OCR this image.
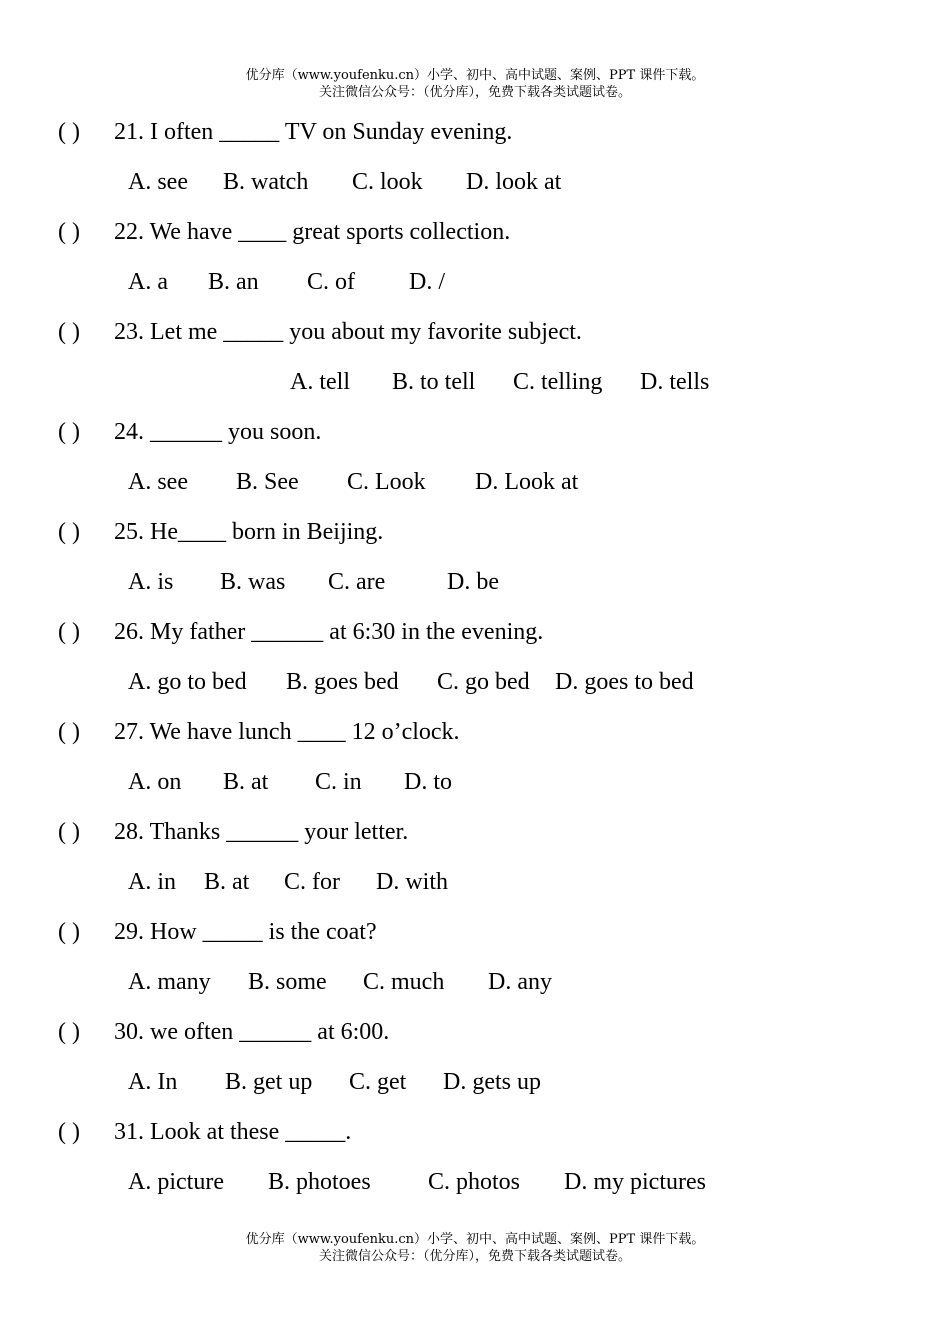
优分库（www.youfenku.cn）小学、初中、高中试题、案例、PPT 课件下载。
关注微信公众号：（优分库），免费下载各类试题试卷。
( ) 21. I often _____ TV on Sunday evening.
A. see B. watch C. look D. look at
( ) 22. We have ____ great sports collection.
A. a B. an C. of D. /
( ) 23. Let me _____ you about my favorite subject.
A. tell B. to tell C. telling D. tells
( ) 24. ______ you soon.
A. see B. See C. Look D. Look at
( ) 25. He____ born in Beijing.
A. is B. was C. are	D. be
( ) 26. My father ______ at 6:30 in the evening.
A. go to bed B. goes bed C. go bed D. goes to bed
( ) 27. We have lunch ____ 12 o’clock.
A. on B. at C. in D. to
( ) 28. Thanks ______ your letter.
A. in B. at C. for D. with
( ) 29. How _____ is the coat?
A. many B. some C. much D. any
( ) 30. we often ______ at 6:00.
A. In B. get up C. get D. gets up
( ) 31. Look at these _____.
A. picture B. photoes C. photos D. my pictures
优分库（www.youfenku.cn）小学、初中、高中试题、案例、PPT 课件下载。
关注微信公众号：（优分库），免费下载各类试题试卷。
